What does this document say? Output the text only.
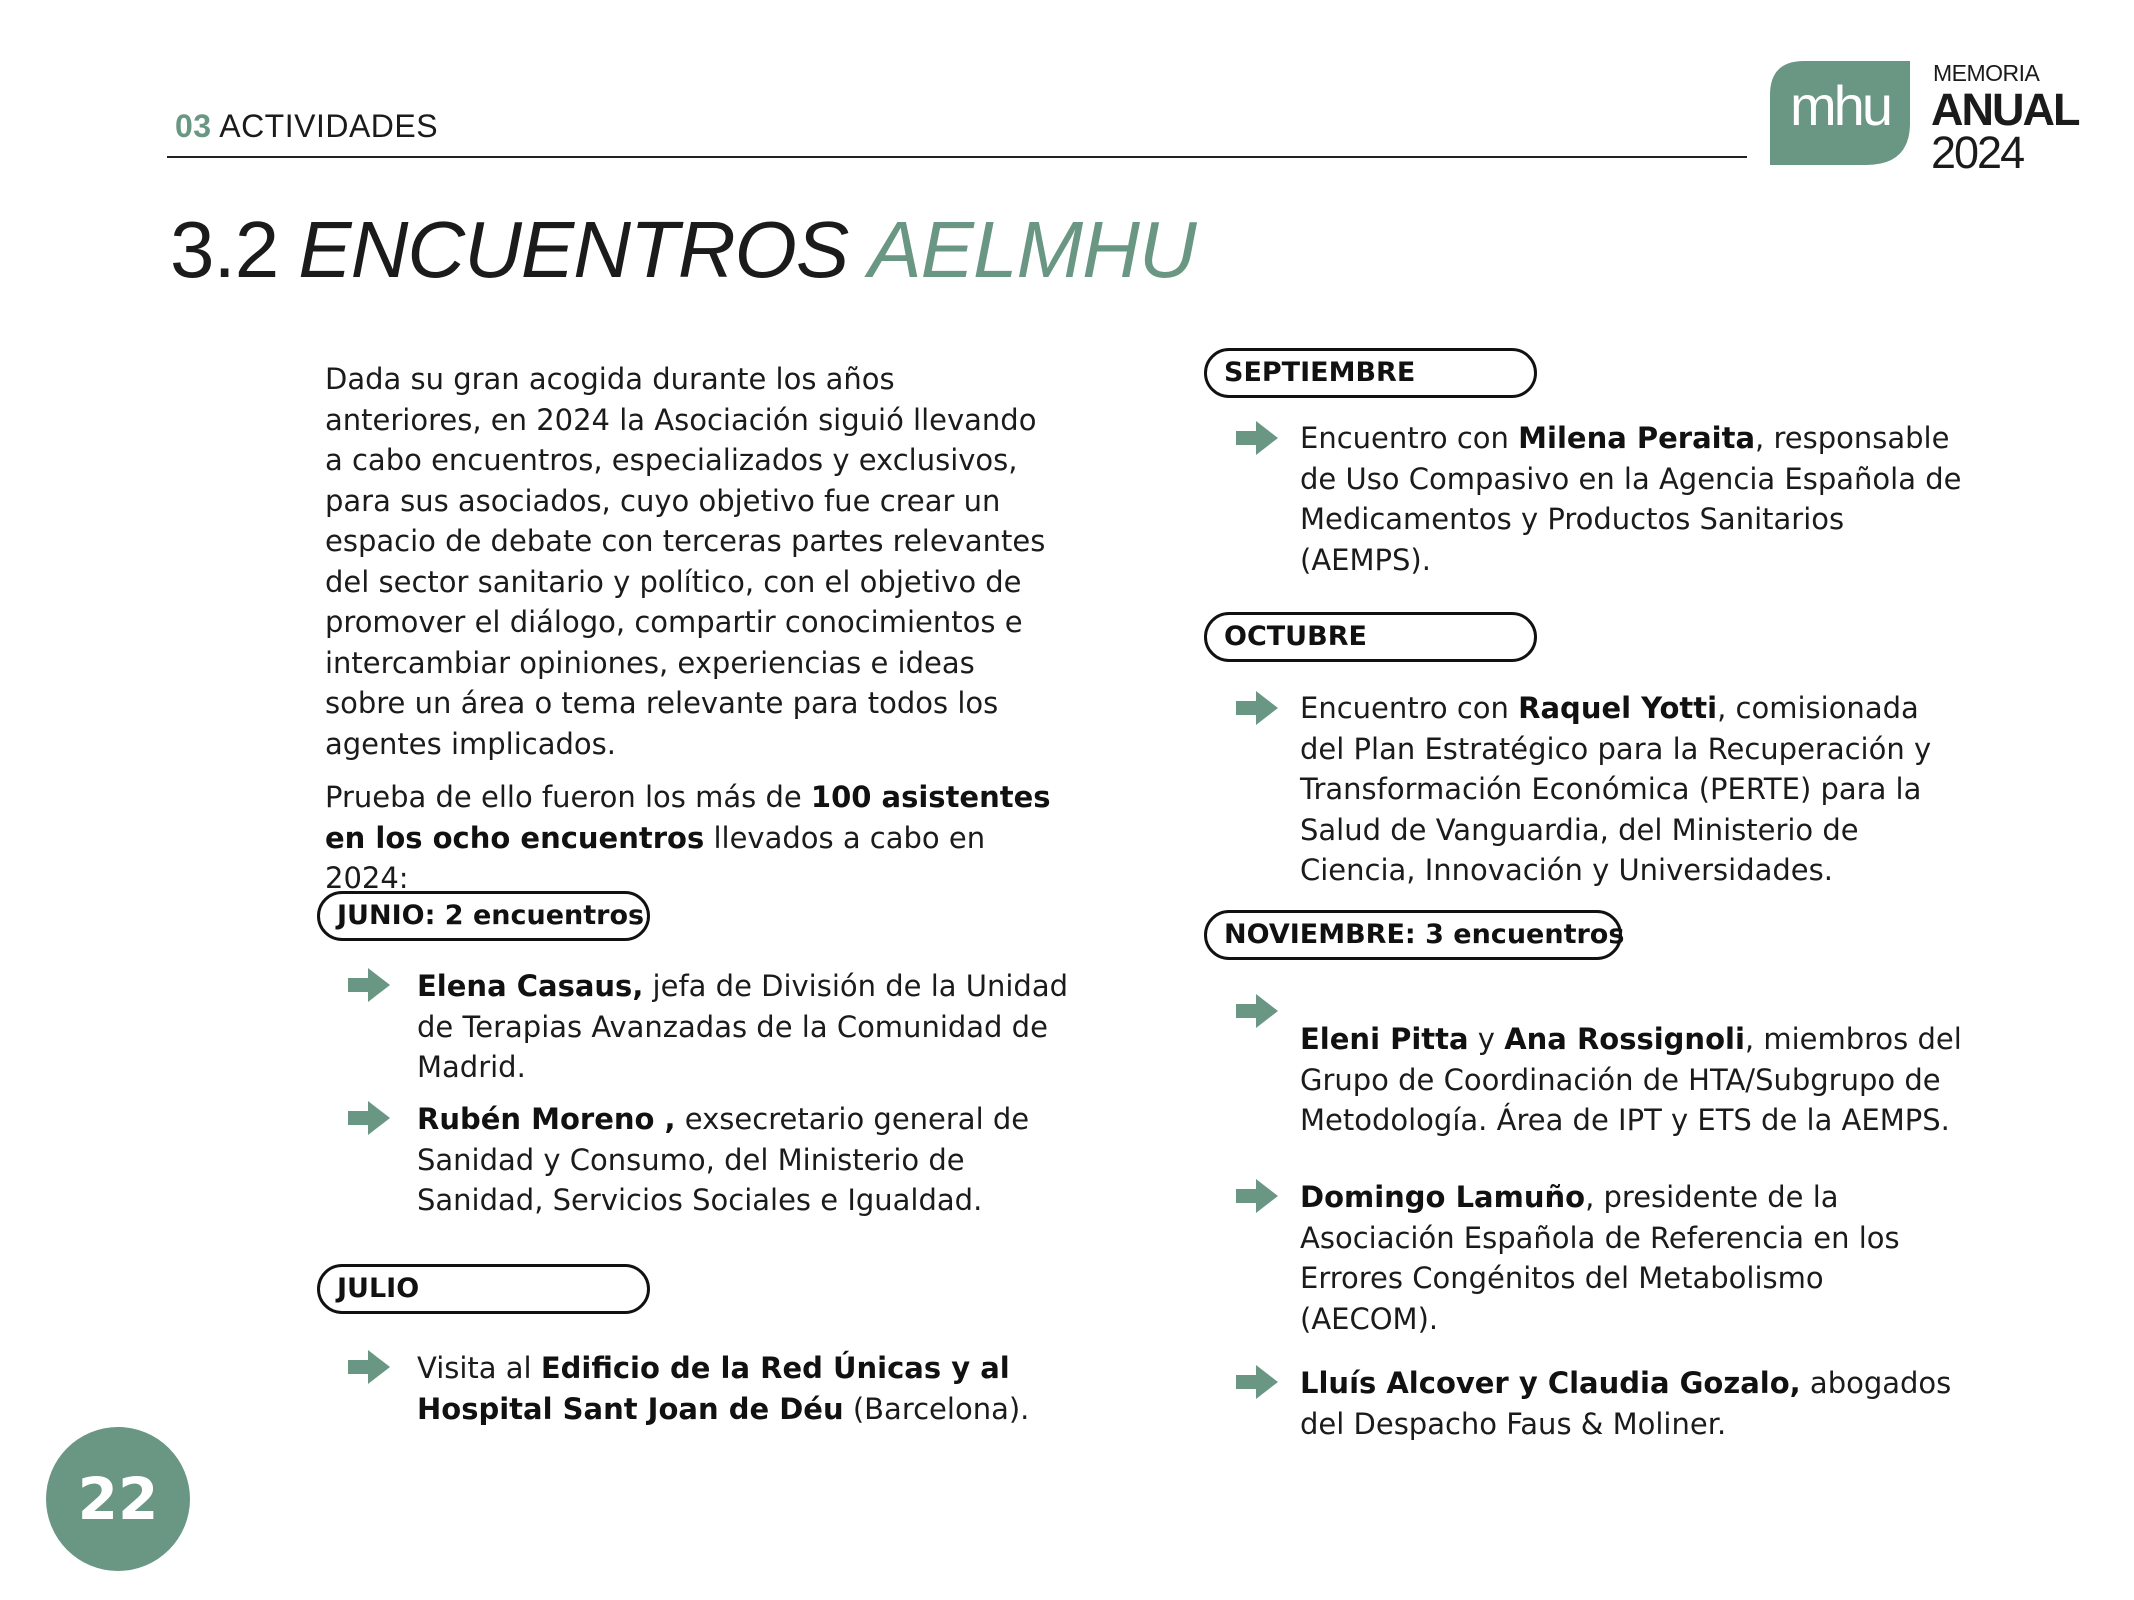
03 ACTIVIDADES	mhu
MEMORIA
ANUAL
2024
3.2 ENCUENTROS AELMHU

Dada su gran acogida durante los años anteriores, en 2024 la Asociación siguió llevando a cabo encuentros, especializados y exclusivos, para sus asociados, cuyo objetivo fue crear un espacio de debate con terceras partes relevantes del sector sanitario y político, con el objetivo de promover el diálogo, compartir conocimientos e intercambiar opiniones, experiencias e ideas sobre un área o tema relevante para todos los agentes implicados.

Prueba de ello fueron los más de 100 asistentes en los ocho encuentros llevados a cabo en 2024:

JUNIO: 2 encuentros
Elena Casaus, jefa de División de la Unidad de Terapias Avanzadas de la Comunidad de Madrid.
Rubén Moreno , exsecretario general de Sanidad y Consumo, del Ministerio de Sanidad, Servicios Sociales e Igualdad.
JULIO
Visita al Edificio de la Red Únicas y al Hospital Sant Joan de Déu (Barcelona).
SEPTIEMBRE
Encuentro con Milena Peraita, responsable de Uso Compasivo en la Agencia Española de Medicamentos y Productos Sanitarios (AEMPS).
OCTUBRE
Encuentro con Raquel Yotti, comisionada del Plan Estratégico para la Recuperación y Transformación Económica (PERTE) para la Salud de Vanguardia, del Ministerio de Ciencia, Innovación y Universidades.
NOVIEMBRE: 3 encuentros
Eleni Pitta y Ana Rossignoli, miembros del Grupo de Coordinación de HTA/Subgrupo de Metodología. Área de IPT y ETS de la AEMPS.
Domingo Lamuño, presidente de la Asociación Española de Referencia en los Errores Congénitos del Metabolismo (AECOM).
Lluís Alcover y Claudia Gozalo, abogados del Despacho Faus & Moliner.
22
